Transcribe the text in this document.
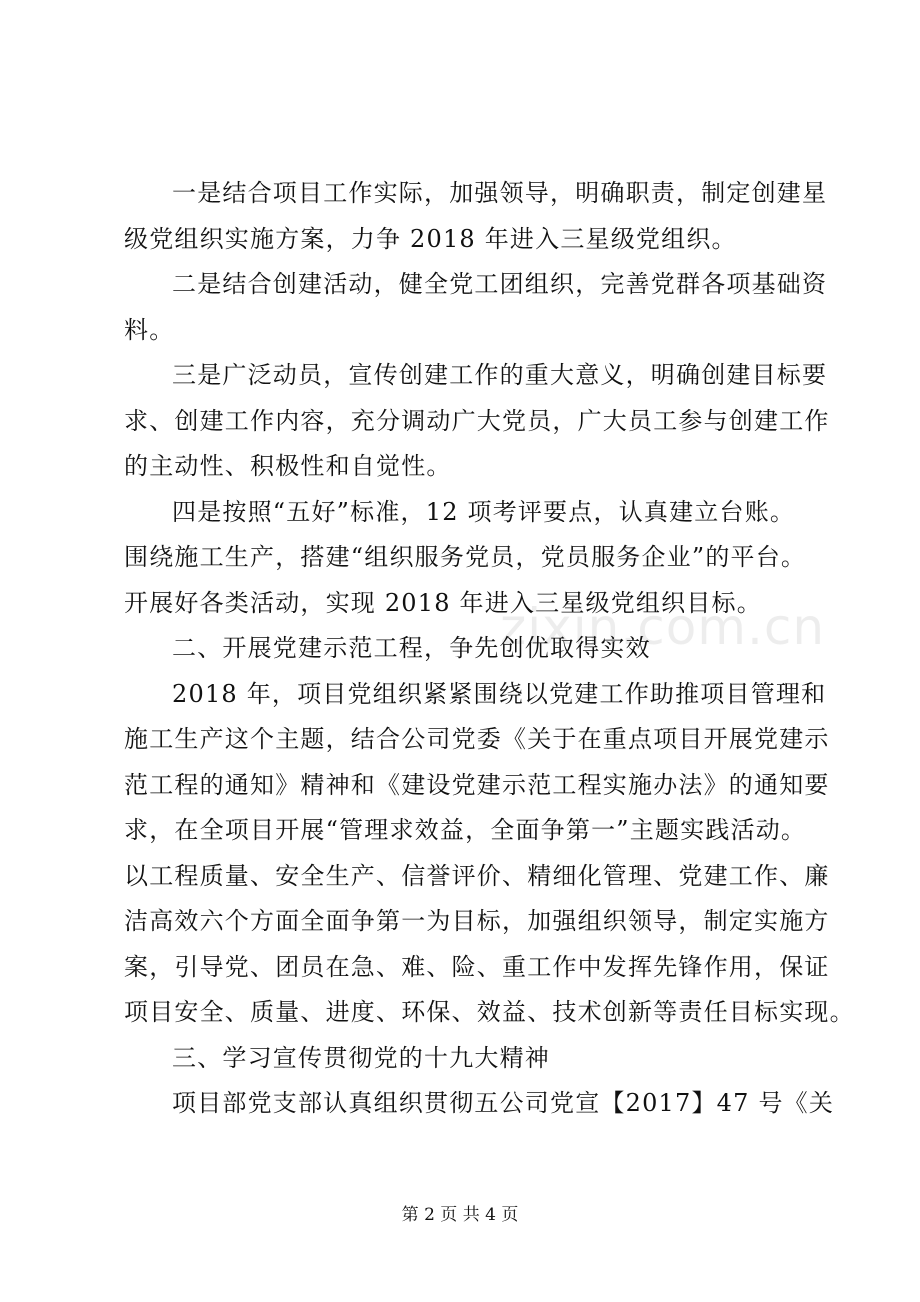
zixin.com.cn
一是结合项目工作实际，加强领导，明确职责，制定创建星
级党组织实施方案，力争 2018 年进入三星级党组织。
二是结合创建活动，健全党工团组织，完善党群各项基础资
料。
三是广泛动员，宣传创建工作的重大意义，明确创建目标要
求、创建工作内容，充分调动广大党员，广大员工参与创建工作
的主动性、积极性和自觉性。
四是按照“五好”标准，12 项考评要点，认真建立台账。
围绕施工生产，搭建“组织服务党员，党员服务企业”的平台。
开展好各类活动，实现 2018 年进入三星级党组织目标。
二、开展党建示范工程，争先创优取得实效
2018 年，项目党组织紧紧围绕以党建工作助推项目管理和
施工生产这个主题，结合公司党委《关于在重点项目开展党建示
范工程的通知》精神和《建设党建示范工程实施办法》的通知要
求，在全项目开展“管理求效益，全面争第一”主题实践活动。
以工程质量、安全生产、信誉评价、精细化管理、党建工作、廉
洁高效六个方面全面争第一为目标，加强组织领导，制定实施方
案，引导党、团员在急、难、险、重工作中发挥先锋作用，保证
项目安全、质量、进度、环保、效益、技术创新等责任目标实现。
三、学习宣传贯彻党的十九大精神
项目部党支部认真组织贯彻五公司党宣【2017】47 号《关
第 2 页 共 4 页
